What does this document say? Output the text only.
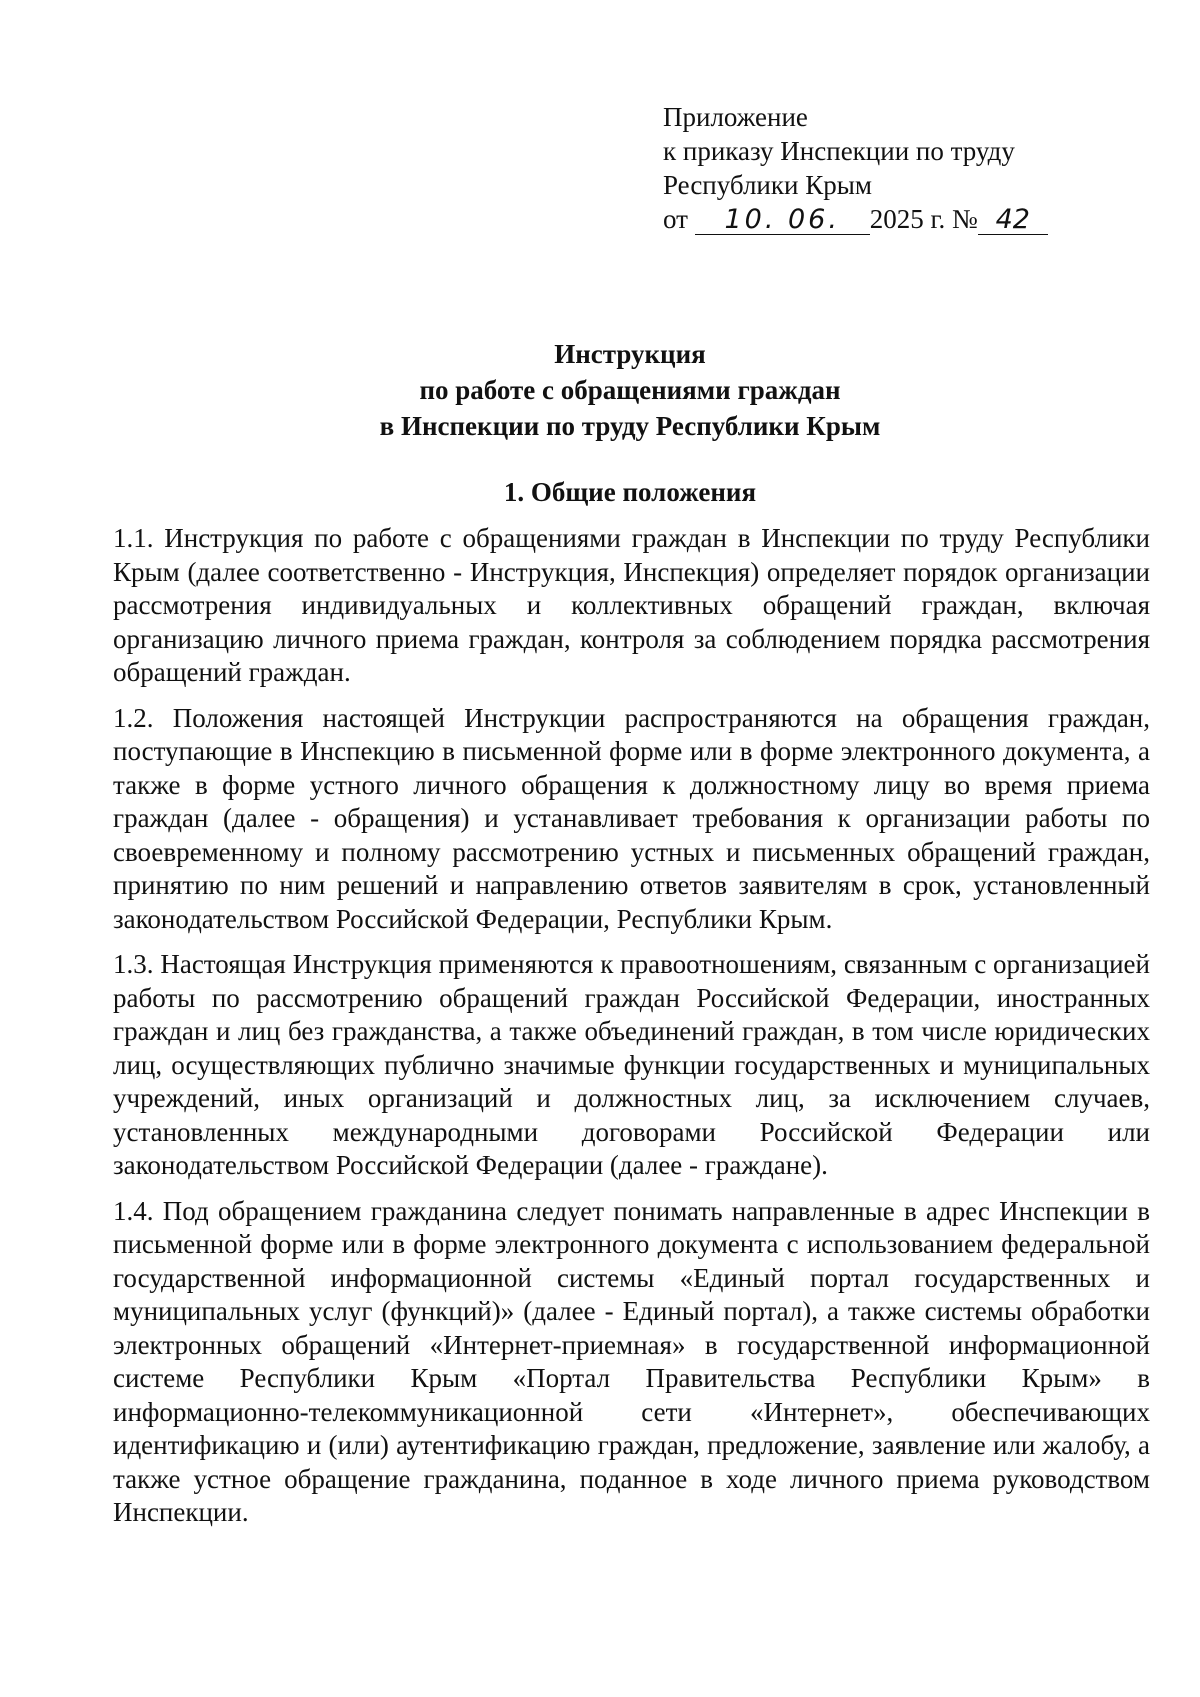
Приложение
к приказу Инспекции по труду
Республики Крым
от 10. 06. 2025 г. № 42
Инструкция
по работе с обращениями граждан
в Инспекции по труду Республики Крым
1. Общие положения

1.1. Инструкция по работе с обращениями граждан в Инспекции по труду Республики Крым (далее соответственно - Инструкция, Инспекция) определяет порядок организации рассмотрения индивидуальных и коллективных обращений граждан, включая организацию личного приема граждан, контроля за соблюдением порядка рассмотрения обращений граждан.

1.2. Положения настоящей Инструкции распространяются на обращения граждан, поступающие в Инспекцию в письменной форме или в форме электронного документа, а также в форме устного личного обращения к должностному лицу во время приема граждан (далее - обращения) и устанавливает требования к организации работы по своевременному и полному рассмотрению устных и письменных обращений граждан, принятию по ним решений и направлению ответов заявителям в срок, установленный законодательством Российской Федерации, Республики Крым.

1.3. Настоящая Инструкция применяются к правоотношениям, связанным с организацией работы по рассмотрению обращений граждан Российской Федерации, иностранных граждан и лиц без гражданства, а также объединений граждан, в том числе юридических лиц, осуществляющих публично значимые функции государственных и муниципальных учреждений, иных организаций и должностных лиц, за исключением случаев, установленных международными договорами Российской Федерации или законодательством Российской Федерации (далее - граждане).

1.4. Под обращением гражданина следует понимать направленные в адрес Инспекции в письменной форме или в форме электронного документа с использованием федеральной государственной информационной системы «Единый портал государственных и муниципальных услуг (функций)» (далее - Единый портал), а также системы обработки электронных обращений «Интернет-приемная» в государственной информационной системе Республики Крым «Портал Правительства Республики Крым» в информационно-телекоммуникационной сети «Интернет», обеспечивающих идентификацию и (или) аутентификацию граждан, предложение, заявление или жалобу, а также устное обращение гражданина, поданное в ходе личного приема руководством Инспекции.
